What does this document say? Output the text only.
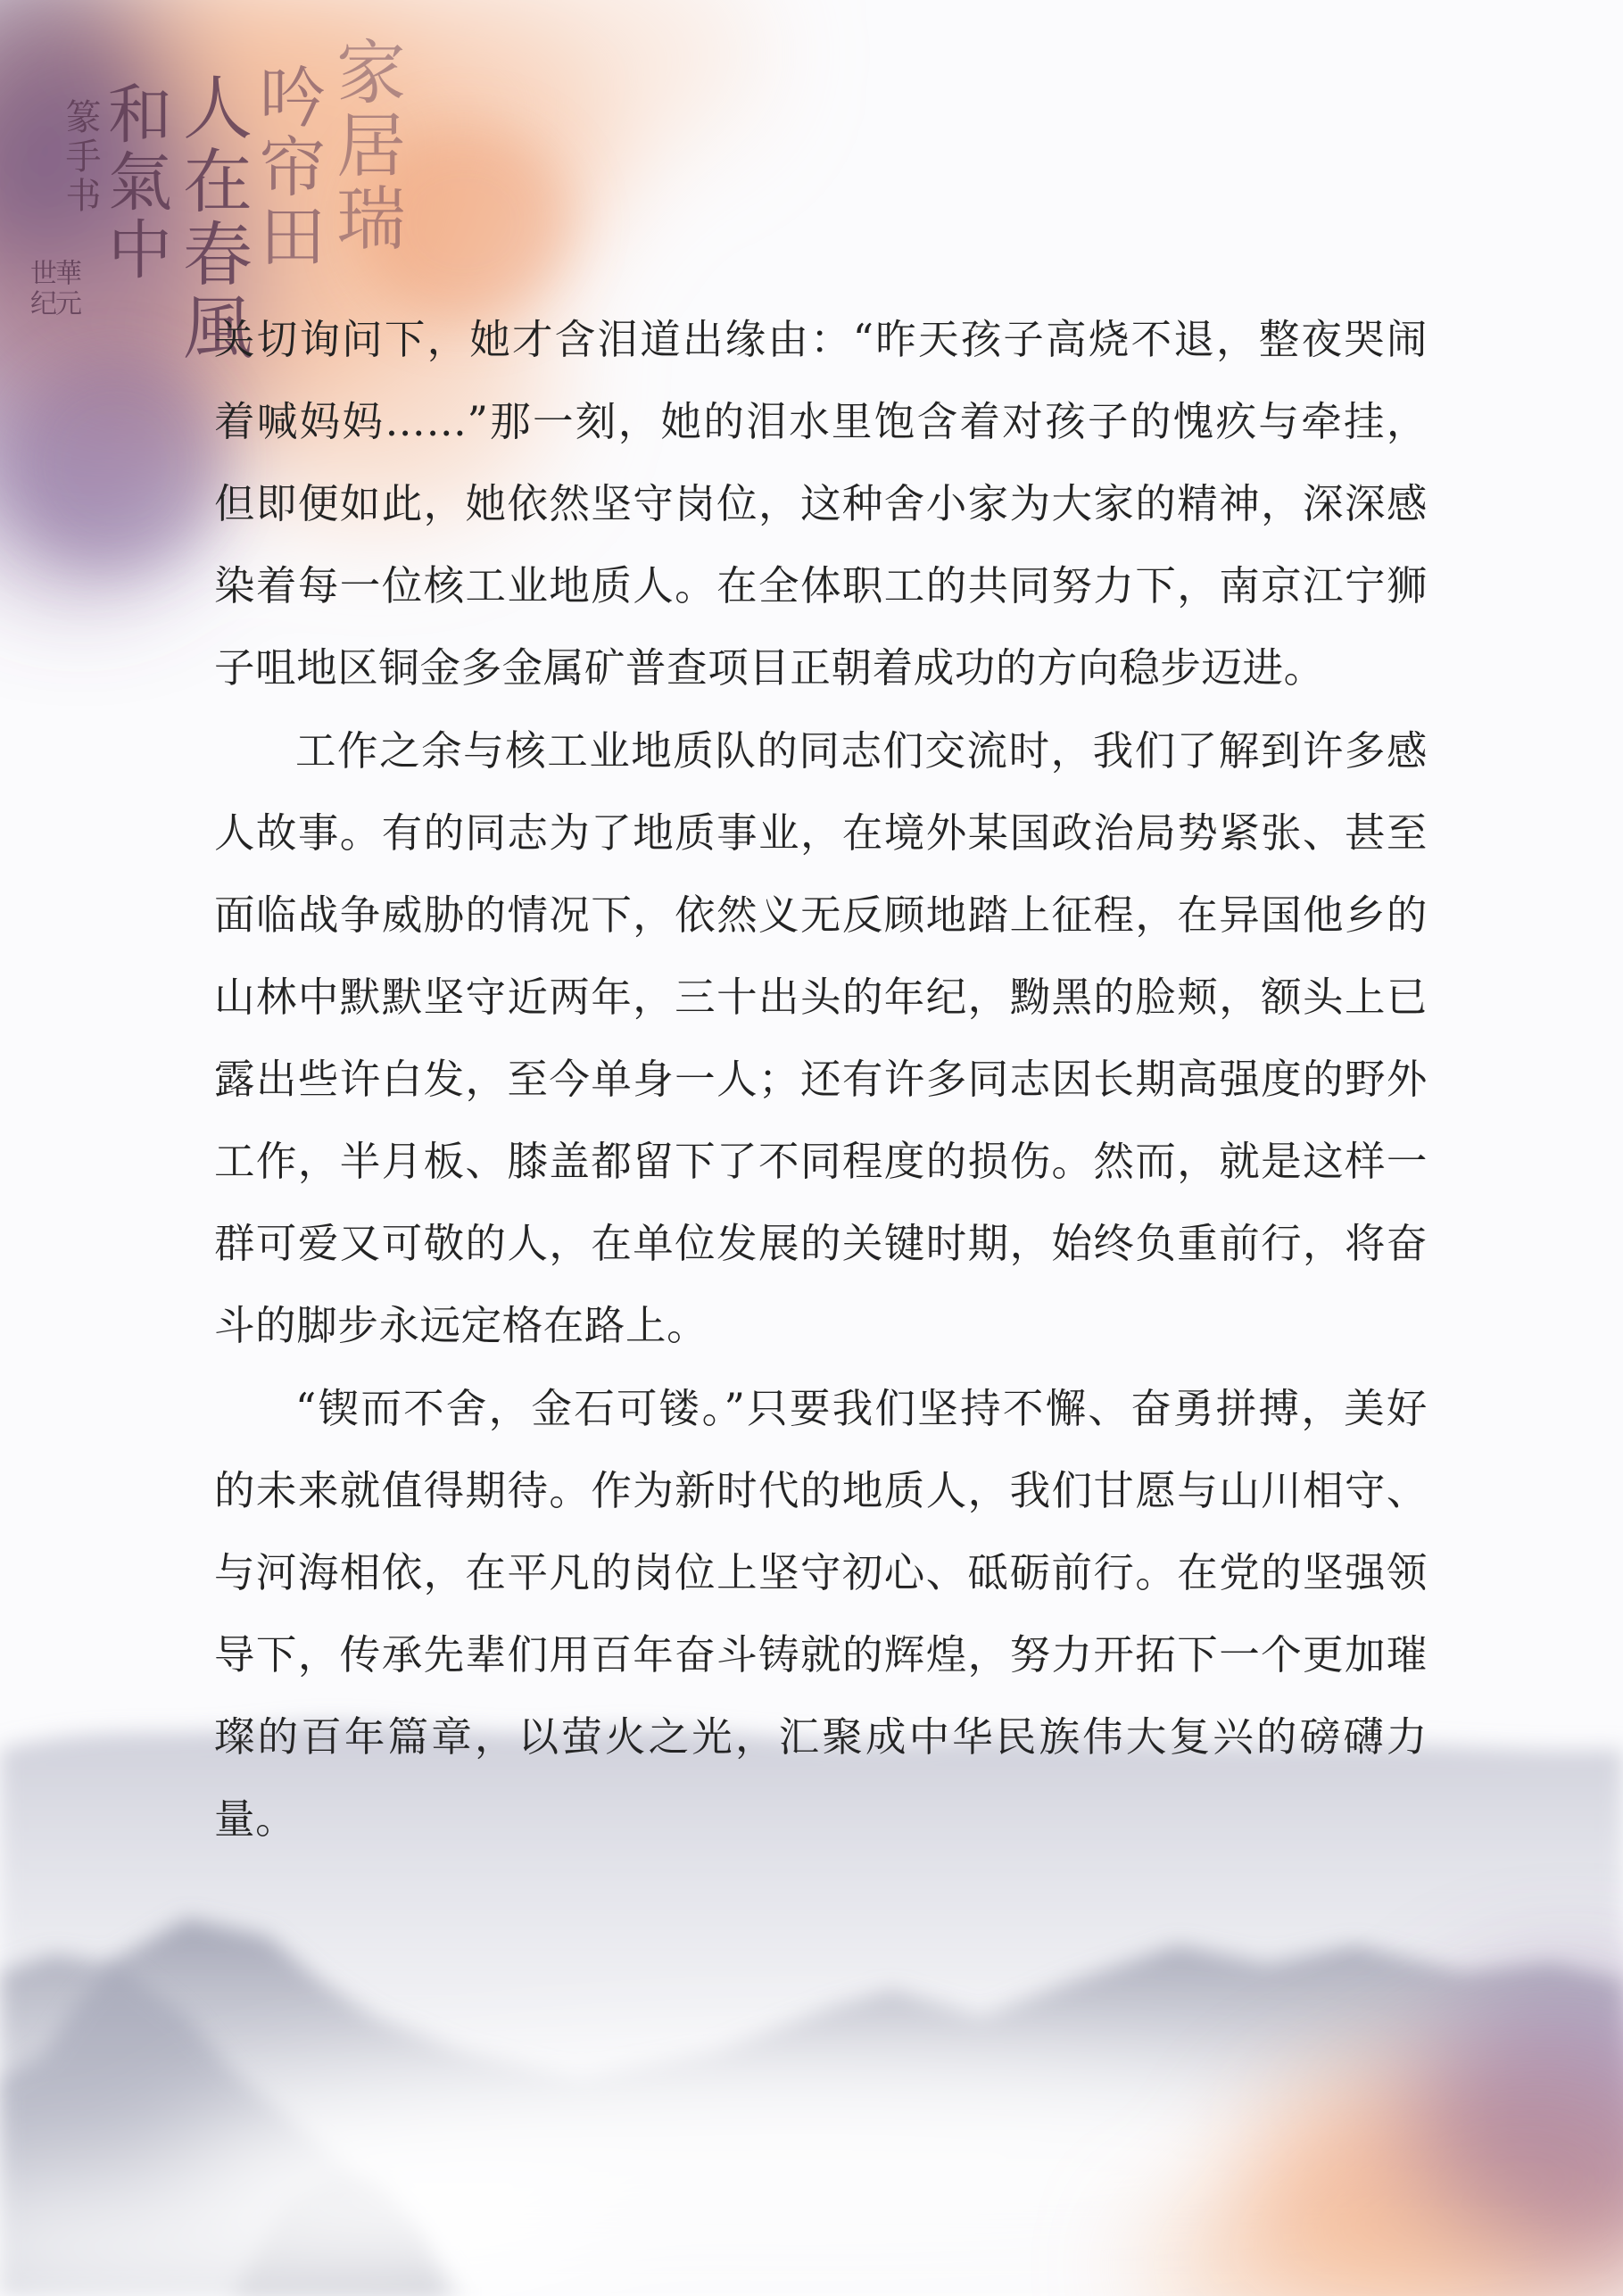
家居瑞
吟帘田
人在春風
和氣中
篆手书
世纪
華元

关切询问下，她才含泪道出缘由：“昨天孩子高烧不退，整夜哭闹着喊妈妈……”那一刻，她的泪水里饱含着对孩子的愧疚与牵挂，但即便如此，她依然坚守岗位，这种舍小家为大家的精神，深深感染着每一位核工业地质人。在全体职工的共同努力下，南京江宁狮子咀地区铜金多金属矿普查项目正朝着成功的方向稳步迈进。

工作之余与核工业地质队的同志们交流时，我们了解到许多感人故事。有的同志为了地质事业，在境外某国政治局势紧张、甚至面临战争威胁的情况下，依然义无反顾地踏上征程，在异国他乡的山林中默默坚守近两年，三十出头的年纪，黝黑的脸颊，额头上已露出些许白发，至今单身一人；还有许多同志因长期高强度的野外工作，半月板、膝盖都留下了不同程度的损伤。然而，就是这样一群可爱又可敬的人，在单位发展的关键时期，始终负重前行，将奋斗的脚步永远定格在路上。

“锲而不舍，金石可镂。”只要我们坚持不懈、奋勇拼搏，美好的未来就值得期待。作为新时代的地质人，我们甘愿与山川相守、与河海相依，在平凡的岗位上坚守初心、砥砺前行。在党的坚强领导下，传承先辈们用百年奋斗铸就的辉煌，努力开拓下一个更加璀璨的百年篇章，以萤火之光，汇聚成中华民族伟大复兴的磅礴力量。
